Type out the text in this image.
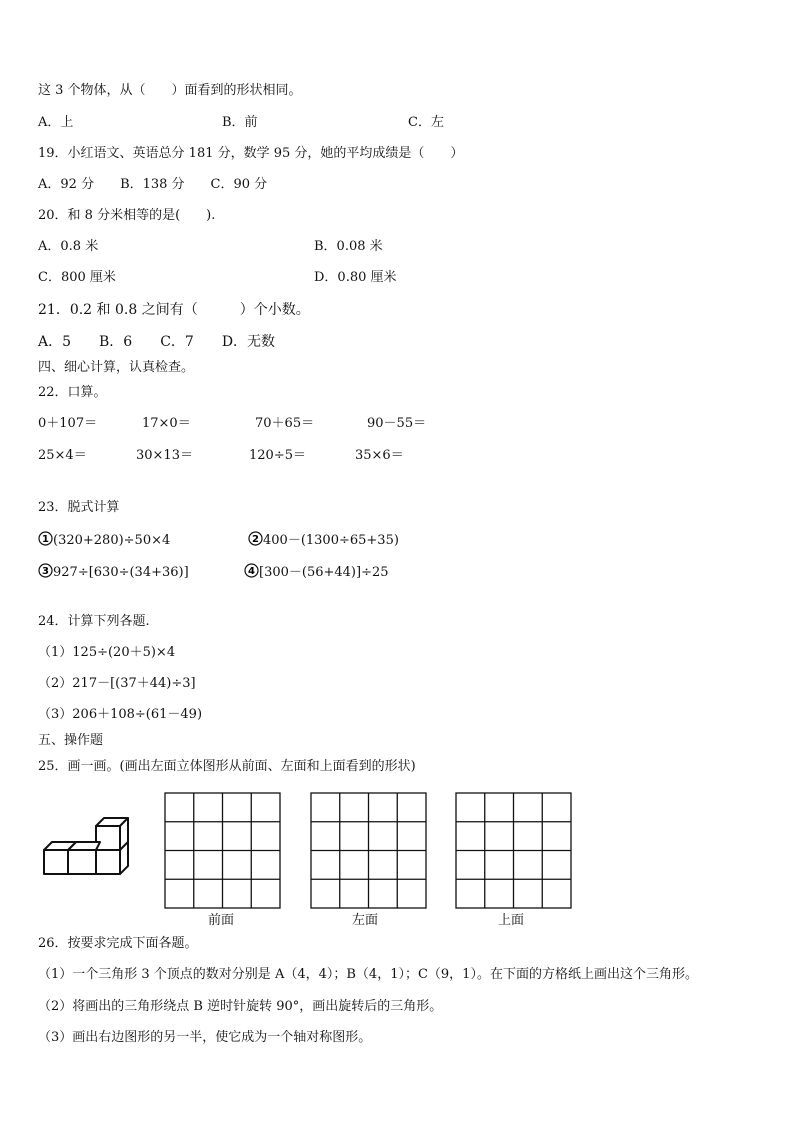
这 3 个物体，从（　　）面看到的形状相同。
A．上	B．前	C．左
19．小红语文、英语总分 181 分，数学 95 分，她的平均成绩是（　　）
A．92 分　　B．138 分　　C．90 分
20．和 8 分米相等的是(　　).
A．0.8 米	B．0.08 米
C．800 厘米	D．0.80 厘米
21．0.2 和 0.8 之间有（　　　）个小数。
A．5　　B．6　　C．7　　D．无数
四、细心计算，认真检查。
22．口算。
0＋107＝	17×0＝	70＋65＝	90－55＝
25×4＝	30×13＝	120÷5＝	35×6＝
23．脱式计算
1 (320+280)÷50×4	2 400－(1300÷65+35)
3 927÷[630÷(34+36)]	4 [300－(56+44)]÷25
24．计算下列各题.
（1）125÷(20＋5)×4
（2）217－[(37＋44)÷3]
（3）206＋108÷(61－49)
五、操作题
25．画一画。(画出左面立体图形从前面、左面和上面看到的形状)
前面	左面	上面
26．按要求完成下面各题。
（1）一个三角形 3 个顶点的数对分别是 A（4，4）；B（4，1）；C（9，1）。在下面的方格纸上画出这个三角形。
（2）将画出的三角形绕点 B 逆时针旋转 90°，画出旋转后的三角形。
（3）画出右边图形的另一半，使它成为一个轴对称图形。
